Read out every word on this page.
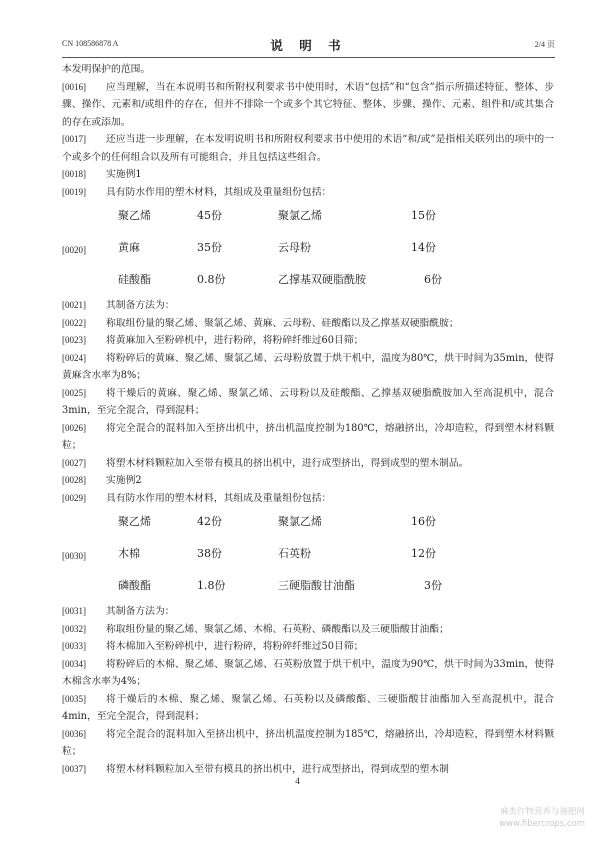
CN 108586878 A	说 明 书	2/4 页
本发明保护的范围。
[0016]	应当理解，当在本说明书和所附权利要求书中使用时，术语“包括”和“包含”指示所描述特征、整体、步骤、操作、元素和/或组件的存在，但并不排除一个或多个其它特征、整体、步骤、操作、元素、组件和/或其集合的存在或添加。
[0017]	还应当进一步理解，在本发明说明书和所附权利要求书中使用的术语“和/或”是指相关联列出的项中的一个或多个的任何组合以及所有可能组合，并且包括这些组合。
[0018]	实施例1
[0019]	具有防水作用的塑木材料，其组成及重量组份包括：
聚乙烯	45份	聚氯乙烯	15份
[0020]	黄麻	35份	云母粉	14份
硅酸酯	0.8份	乙撑基双硬脂酰胺	6份
[0021]	其制备方法为：
[0022]	称取组份量的聚乙烯、聚氯乙烯、黄麻、云母粉、硅酸酯以及乙撑基双硬脂酰胺；
[0023]	将黄麻加入至粉碎机中，进行粉碎，将粉碎纤维过60目筛；
[0024]	将粉碎后的黄麻、聚乙烯、聚氯乙烯、云母粉放置于烘干机中，温度为80℃，烘干时间为35min，使得黄麻含水率为8%；
[0025]	将干燥后的黄麻、聚乙烯、聚氯乙烯、云母粉以及硅酸酯、乙撑基双硬脂酰胺加入至高混机中，混合3min，至完全混合，得到混料；
[0026]	将完全混合的混料加入至挤出机中，挤出机温度控制为180℃，熔融挤出，冷却造粒，得到塑木材料颗粒；
[0027]	将塑木材料颗粒加入至带有模具的挤出机中，进行成型挤出，得到成型的塑木制品。
[0028]	实施例2
[0029]	具有防水作用的塑木材料，其组成及重量组份包括：
聚乙烯	42份	聚氯乙烯	16份
[0030]	木棉	38份	石英粉	12份
磷酸酯	1.8份	三硬脂酸甘油酯	3份
[0031]	其制备方法为：
[0032]	称取组份量的聚乙烯、聚氯乙烯、木棉、石英粉、磷酸酯以及三硬脂酸甘油酯；
[0033]	将木棉加入至粉碎机中，进行粉碎，将粉碎纤维过50目筛；
[0034]	将粉碎后的木棉、聚乙烯、聚氯乙烯、石英粉放置于烘干机中，温度为90℃，烘干时间为33min，使得木棉含水率为4%；
[0035]	将干燥后的木棉、聚乙烯、聚氯乙烯、石英粉以及磷酸酯、三硬脂酸甘油酯加入至高混机中，混合4min，至完全混合，得到混料；
[0036]	将完全混合的混料加入至挤出机中，挤出机温度控制为185℃，熔融挤出，冷却造粒，得到塑木材料颗粒；
[0037]	将塑木材料颗粒加入至带有模具的挤出机中，进行成型挤出，得到成型的塑木制
4
麻类作物营养与施肥网
www.fibercrops.com
